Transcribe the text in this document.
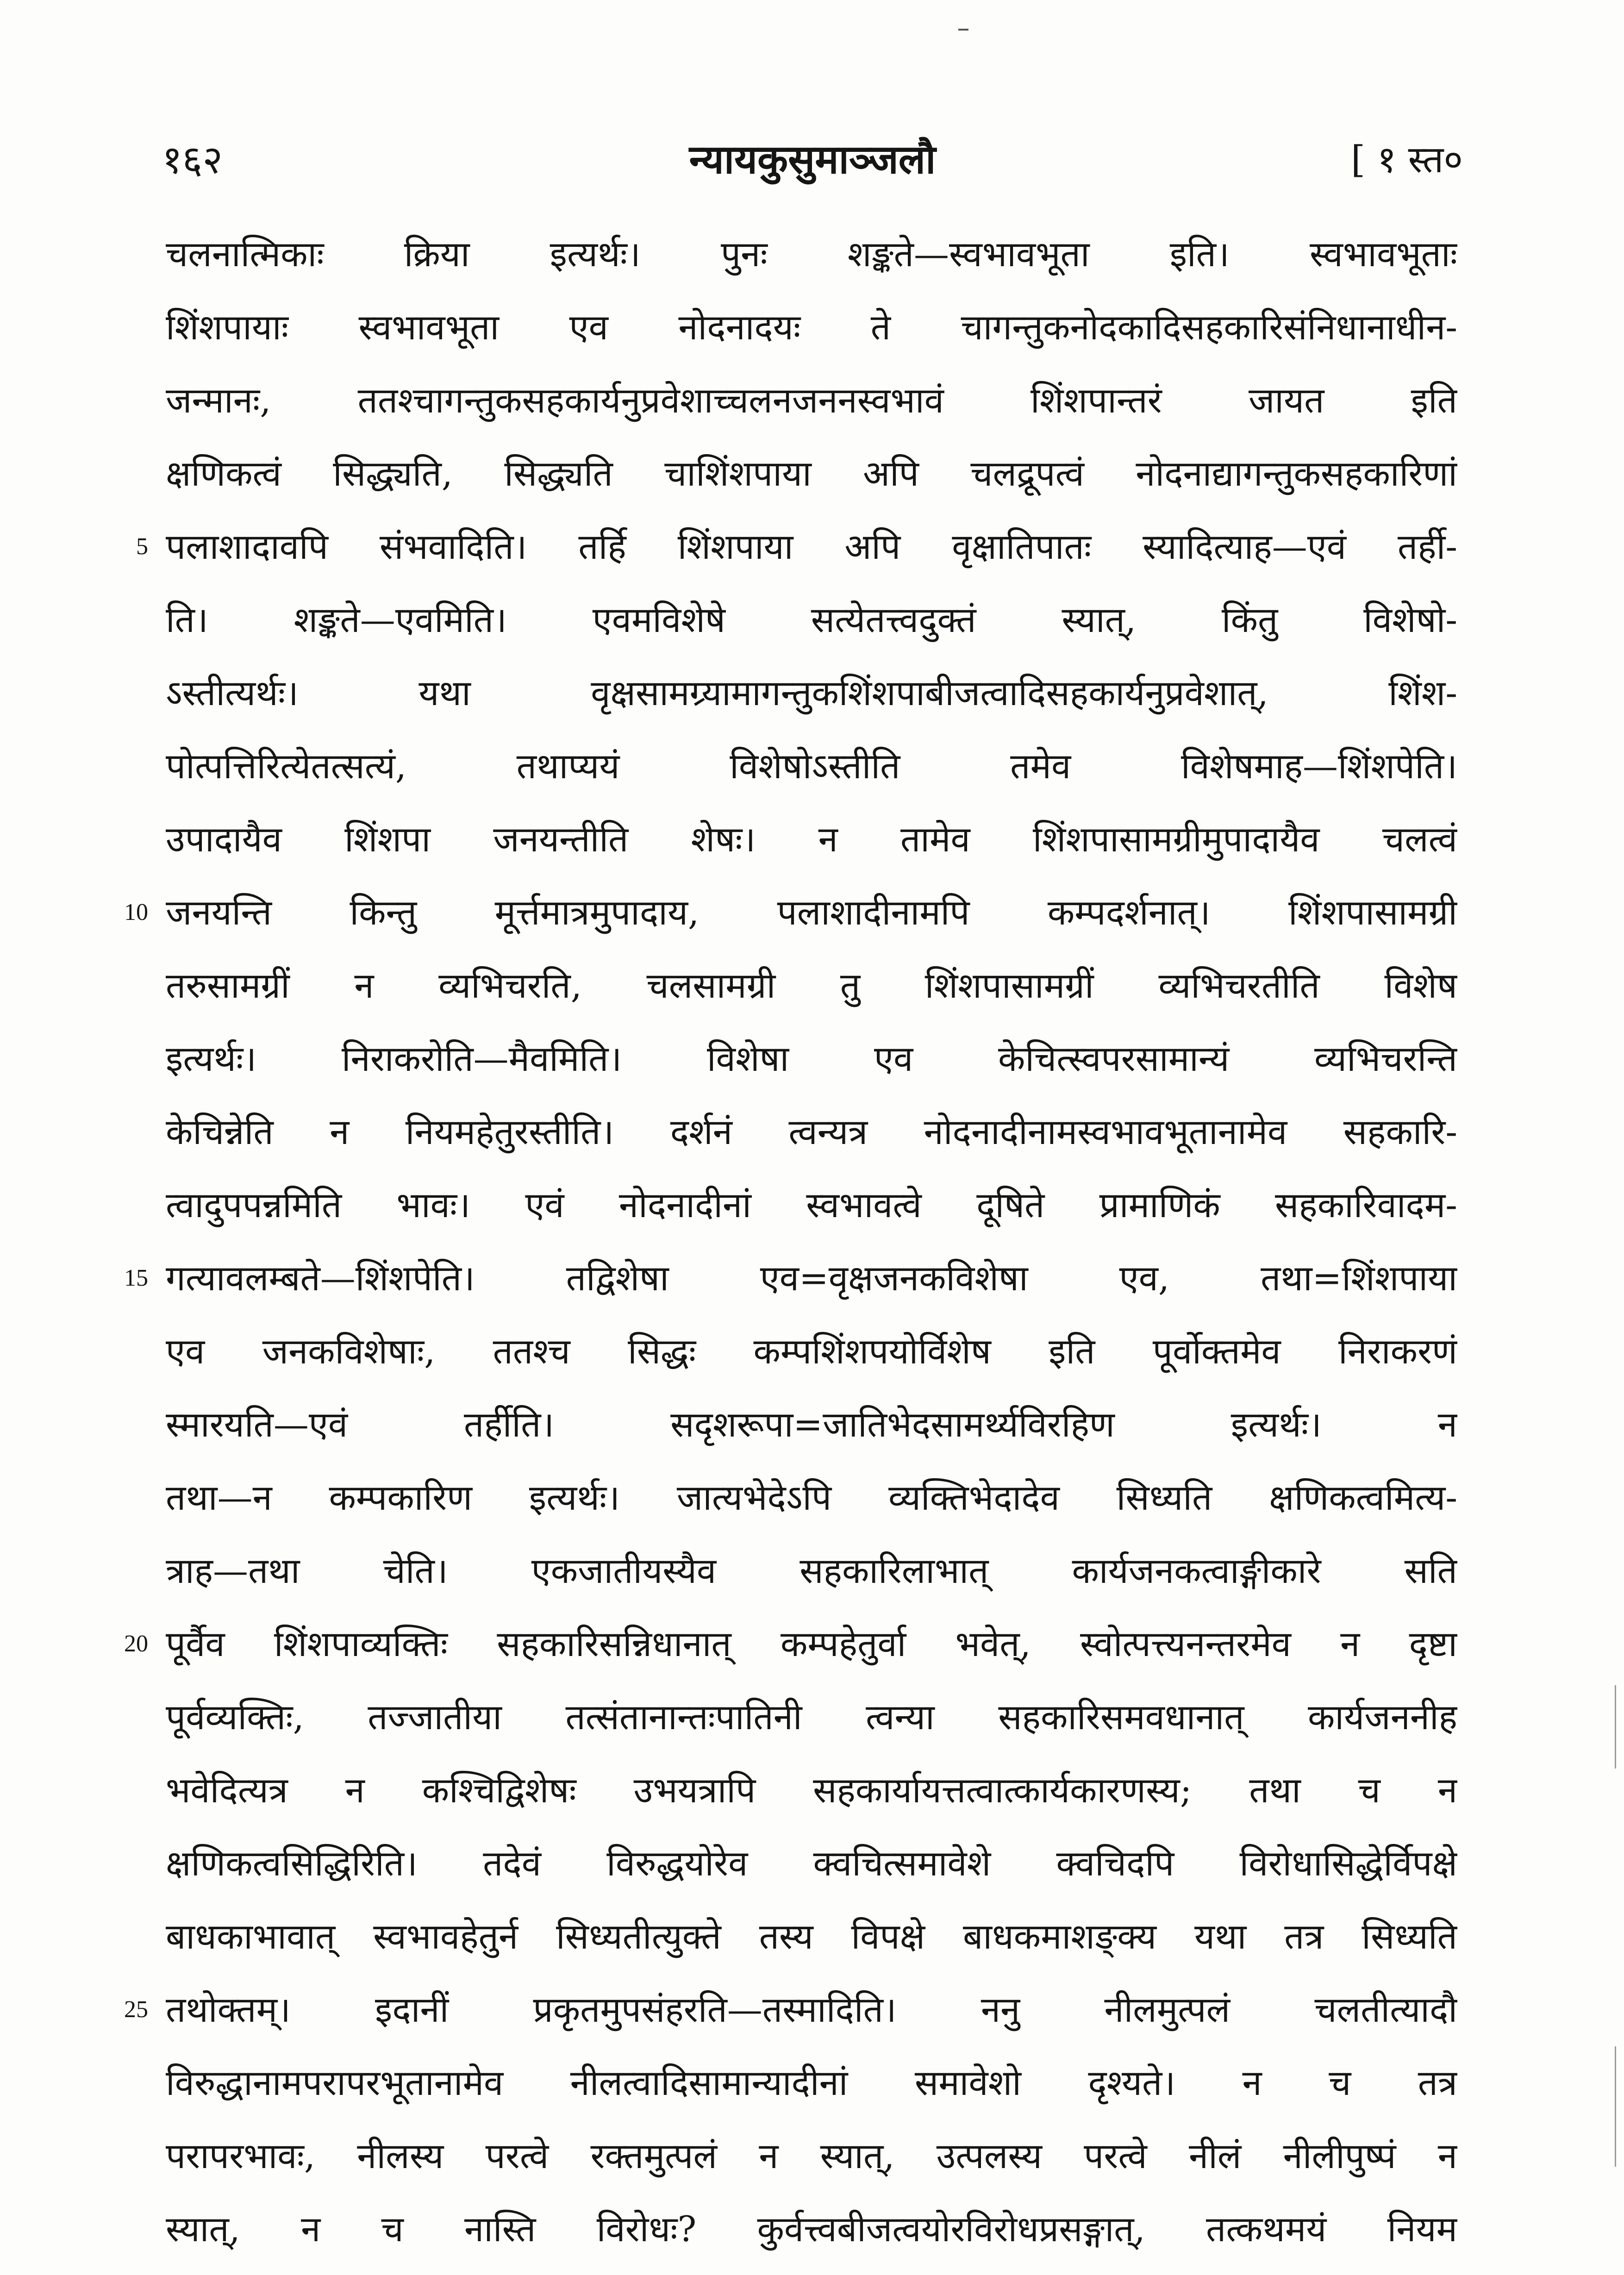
१६२	न्यायकुसुमाञ्जलौ	[ १ स्त०
5
10
15
20
25
चलनात्मिकाः क्रिया इत्यर्थः। पुनः शङ्कते—स्वभावभूता इति। स्वभावभूताः
शिंशपायाः स्वभावभूता एव नोदनादयः ते चागन्तुकनोदकादिसहकारिसंनिधानाधीन-
जन्मानः, ततश्चागन्तुकसहकार्यनुप्रवेशाच्चलनजननस्वभावं शिंशपान्तरं जायत इति
क्षणिकत्वं सिद्ध्यति, सिद्ध्यति चाशिंशपाया अपि चलद्रूपत्वं नोदनाद्यागन्तुकसहकारिणां
पलाशादावपि संभवादिति। तर्हि शिंशपाया अपि वृक्षातिपातः स्यादित्याह—एवं तर्ही-
ति। शङ्कते—एवमिति। एवमविशेषे सत्येतत्त्वदुक्तं स्यात्, किंतु विशेषो-
ऽस्तीत्यर्थः। यथा वृक्षसामग्र्यामागन्तुकशिंशपाबीजत्वादिसहकार्यनुप्रवेशात्, शिंश-
पोत्पत्तिरित्येतत्सत्यं, तथाप्ययं विशेषोऽस्तीति तमेव विशेषमाह—शिंशपेति।
उपादायैव शिंशपा जनयन्तीति शेषः। न तामेव शिंशपासामग्रीमुपादायैव चलत्वं
जनयन्ति किन्तु मूर्त्तमात्रमुपादाय, पलाशादीनामपि कम्पदर्शनात्। शिंशपासामग्री
तरुसामग्रीं न व्यभिचरति, चलसामग्री तु शिंशपासामग्रीं व्यभिचरतीति विशेष
इत्यर्थः। निराकरोति—मैवमिति। विशेषा एव केचित्स्वपरसामान्यं व्यभिचरन्ति
केचिन्नेति न नियमहेतुरस्तीति। दर्शनं त्वन्यत्र नोदनादीनामस्वभावभूतानामेव सहकारि-
त्वादुपपन्नमिति भावः। एवं नोदनादीनां स्वभावत्वे दूषिते प्रामाणिकं सहकारिवादम-
गत्यावलम्बते—शिंशपेति। तद्विशेषा एव=वृक्षजनकविशेषा एव, तथा=शिंशपाया
एव जनकविशेषाः, ततश्च सिद्धः कम्पशिंशपयोर्विशेष इति पूर्वोक्तमेव निराकरणं
स्मारयति—एवं तर्हीति। सदृशरूपा=जातिभेदसामर्थ्यविरहिण इत्यर्थः। न
तथा—न कम्पकारिण इत्यर्थः। जात्यभेदेऽपि व्यक्तिभेदादेव सिध्यति क्षणिकत्वमित्य-
त्राह—तथा चेति। एकजातीयस्यैव सहकारिलाभात् कार्यजनकत्वाङ्गीकारे सति
पूर्वैव शिंशपाव्यक्तिः सहकारिसन्निधानात् कम्पहेतुर्वा भवेत्, स्वोत्पत्त्यनन्तरमेव न दृष्टा
पूर्वव्यक्तिः, तज्जातीया तत्संतानान्तःपातिनी त्वन्या सहकारिसमवधानात् कार्यजननीह
भवेदित्यत्र न कश्चिद्विशेषः उभयत्रापि सहकार्यायत्तत्वात्कार्यकारणस्य; तथा च न
क्षणिकत्वसिद्धिरिति। तदेवं विरुद्धयोरेव क्वचित्समावेशे क्वचिदपि विरोधासिद्धेर्विपक्षे
बाधकाभावात् स्वभावहेतुर्न सिध्यतीत्युक्ते तस्य विपक्षे बाधकमाशङ्क्य यथा तत्र सिध्यति
तथोक्तम्। इदानीं प्रकृतमुपसंहरति—तस्मादिति। ननु नीलमुत्पलं चलतीत्यादौ
विरुद्धानामपरापरभूतानामेव नीलत्वादिसामान्यादीनां समावेशो दृश्यते। न च तत्र
परापरभावः, नीलस्य परत्वे रक्तमुत्पलं न स्यात्, उत्पलस्य परत्वे नीलं नीलीपुष्पं न
स्यात्, न च नास्ति विरोधः? कुर्वत्त्वबीजत्वयोरविरोधप्रसङ्गात्, तत्कथमयं नियम
